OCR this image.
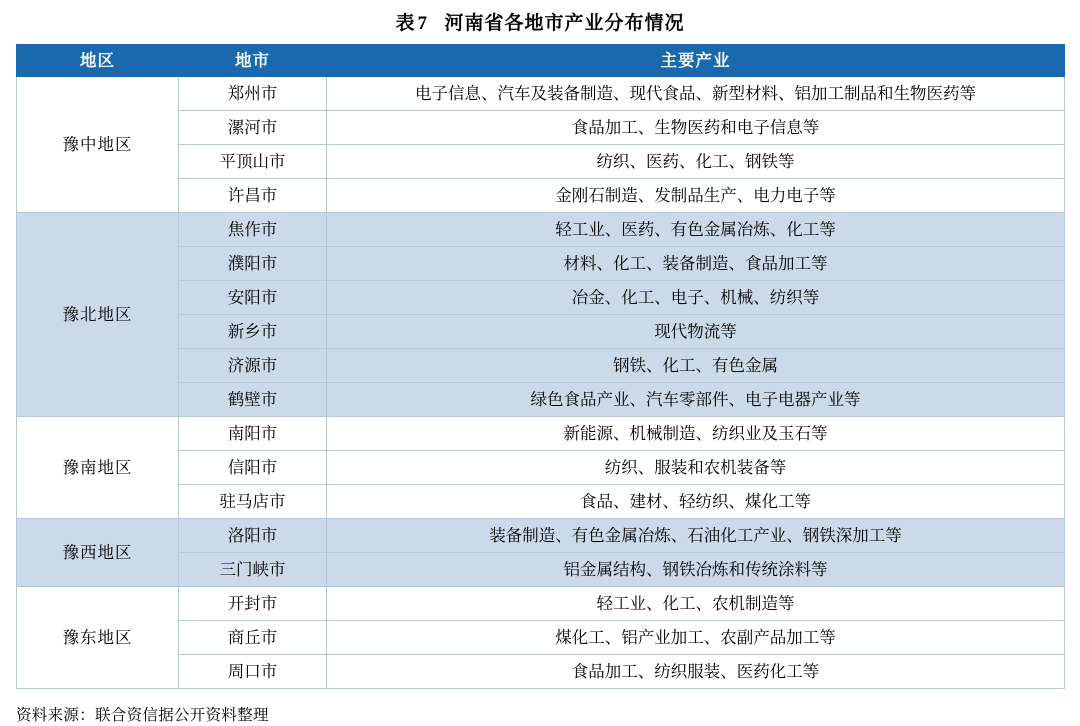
表 7 河南省各地市产业分布情况
地区	地市	主要产业
豫中地区	郑州市	电子信息、汽车及装备制造、现代食品、新型材料、铝加工制品和生物医药等
	漯河市	食品加工、生物医药和电子信息等
	平顶山市	纺织、医药、化工、钢铁等
	许昌市	金刚石制造、发制品生产、电力电子等
豫北地区	焦作市	轻工业、医药、有色金属冶炼、化工等
	濮阳市	材料、化工、装备制造、食品加工等
	安阳市	冶金、化工、电子、机械、纺织等
	新乡市	现代物流等
	济源市	钢铁、化工、有色金属
	鹤壁市	绿色食品产业、汽车零部件、电子电器产业等
豫南地区	南阳市	新能源、机械制造、纺织业及玉石等
	信阳市	纺织、服装和农机装备等
	驻马店市	食品、建材、轻纺织、煤化工等
豫西地区	洛阳市	装备制造、有色金属冶炼、石油化工产业、钢铁深加工等
	三门峡市	铝金属结构、钢铁冶炼和传统涂料等
豫东地区	开封市	轻工业、化工、农机制造等
	商丘市	煤化工、铝产业加工、农副产品加工等
	周口市	食品加工、纺织服装、医药化工等
资料来源：联合资信据公开资料整理
